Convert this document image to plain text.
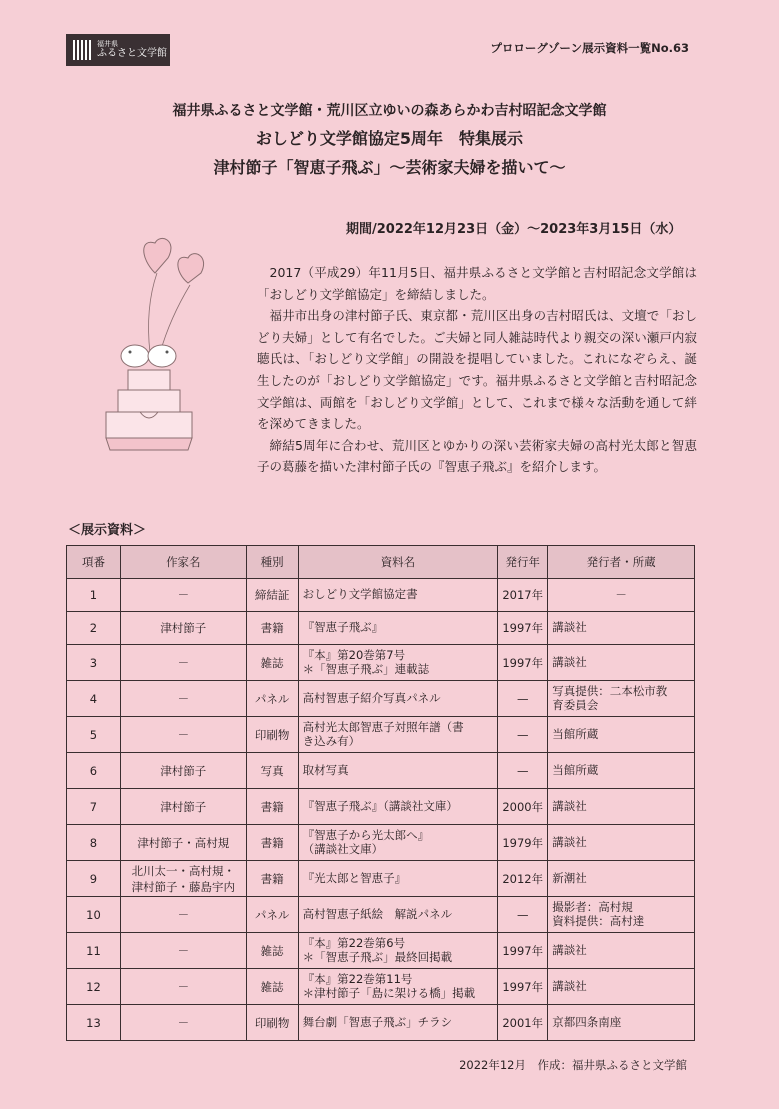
福井県
ふるさと文学館	プロローグゾーン展示資料一覧No.63
福井県ふるさと文学館・荒川区立ゆいの森あらかわ吉村昭記念文学館
おしどり文学館協定5周年　特集展示
津村節子「智恵子飛ぶ」～芸術家夫婦を描いて～
期間/2022年12月23日（金）～2023年3月15日（水）

2017（平成29）年11月5日、福井県ふるさと文学館と吉村昭記念文学館は「おしどり文学館協定」を締結しました。

福井市出身の津村節子氏、東京都・荒川区出身の吉村昭氏は、文壇で「おしどり夫婦」として有名でした。ご夫婦と同人雑誌時代より親交の深い瀬戸内寂聴氏は、「おしどり文学館」の開設を提唱していました。これになぞらえ、誕生したのが「おしどり文学館協定」です。福井県ふるさと文学館と吉村昭記念文学館は、両館を「おしどり文学館」として、これまで様々な活動を通して絆を深めてきました。

締結5周年に合わせ、荒川区とゆかりの深い芸術家夫婦の高村光太郎と智恵子の葛藤を描いた津村節子氏の『智恵子飛ぶ』を紹介します。

＜展示資料＞
項番	作家名	種別	資料名	発行年	発行者・所蔵

1	－	締結証	おしどり文学館協定書	2017年	－

2	津村節子	書籍	『智恵子飛ぶ』	1997年	講談社

3	－	雑誌	『本』第20巻第7号
＊「智恵子飛ぶ」連載誌	1997年	講談社

4	－	パネル	高村智恵子紹介写真パネル	—	写真提供：二本松市教
育委員会

5	－	印刷物	高村光太郎智恵子対照年譜（書
き込み有）	—	当館所蔵

6	津村節子	写真	取材写真	—	当館所蔵

7	津村節子	書籍	『智恵子飛ぶ』（講談社文庫）	2000年	講談社

8	津村節子・高村規	書籍	『智恵子から光太郎へ』
（講談社文庫）	1979年	講談社

9	北川太一・高村規・
津村節子・藤島宇内	書籍	『光太郎と智恵子』	2012年	新潮社

10	－	パネル	高村智恵子紙絵　解説パネル	—	撮影者：高村規
資料提供：高村達

11	－	雑誌	『本』第22巻第6号
＊「智恵子飛ぶ」最終回掲載	1997年	講談社

12	－	雑誌	『本』第22巻第11号
＊津村節子「島に架ける橋」掲載	1997年	講談社

13	－	印刷物	舞台劇「智恵子飛ぶ」チラシ	2001年	京都四条南座
2022年12月　作成：福井県ふるさと文学館
